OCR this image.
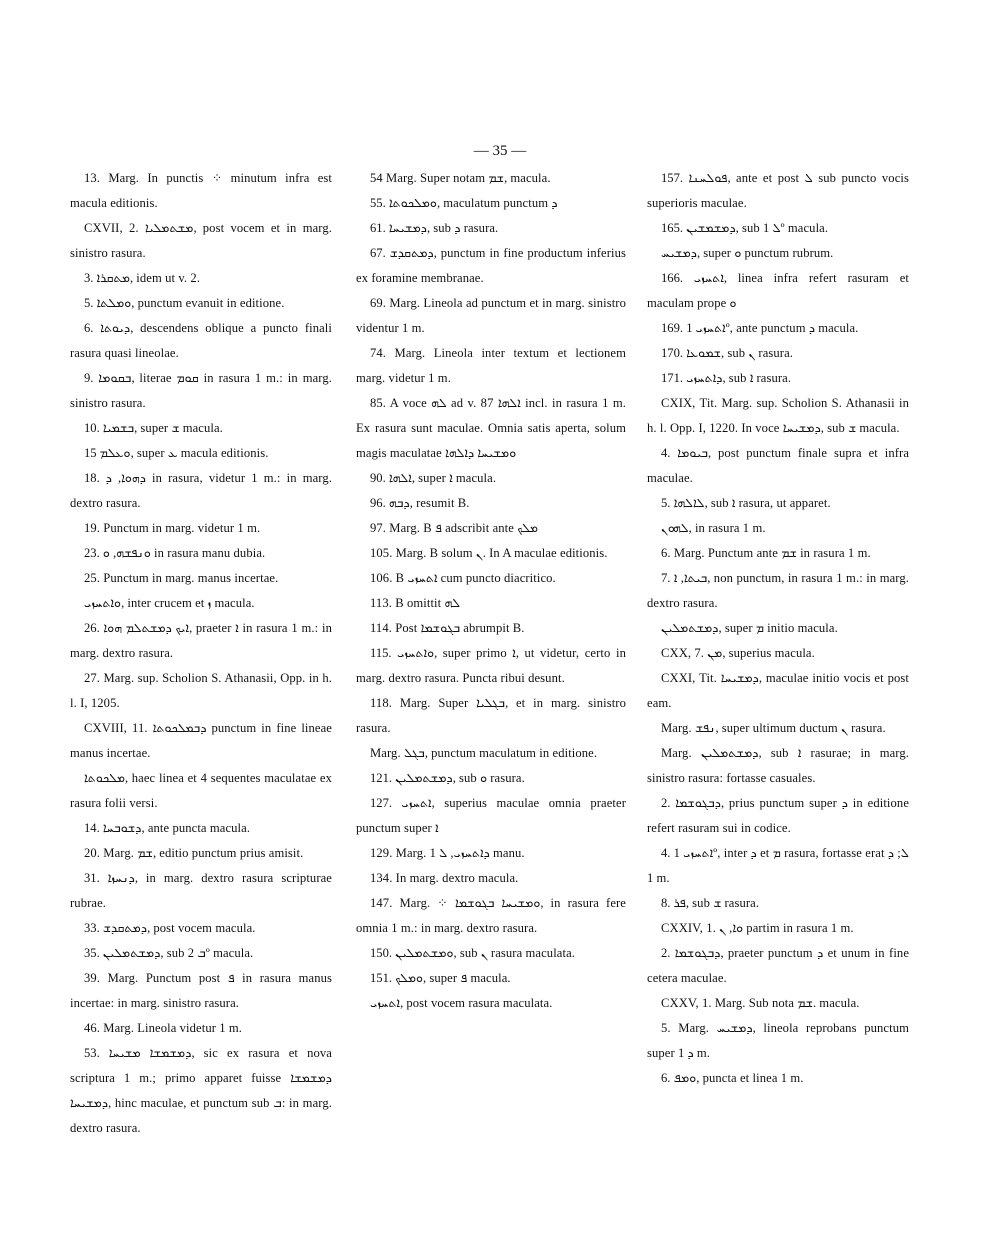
— 35 —

13. Marg. In punctis ⁘ minutum infra est macula editionis.

CXVII, 2. ܡܫܬܡܠܝܐ, post vocem et in marg. sinistro rasura.

3. ܡܬܩܪܐ, idem ut v. 2.

5. ܘܡܠܬܐ, punctum evanuit in editione.

6. ܕܝܘܬܐ, descendens oblique a puncto finali rasura quasi lineolae.

9. ܒܩܘܡܐ, literae ܩܘܡ in rasura 1 m.: in marg. sinistro rasura.

10. ܒܫܡܝܐ, super ܫ macula.

15 ܘܥܠܡ, super ܥ macula editionis.

18. ܕܗܘܐ, ܕ in rasura, videtur 1 m.: in marg. dextro rasura.

19. Punctum in marg. videtur 1 m.

23. ܘܢܦܫܗ, ܘ in rasura manu dubia.

25. Punctum in marg. manus incertae.

ܘܐܬܚܙܝ, inter crucem et ܙ macula.

26. ܐܝܟ ܕܡܫܬܠܡ ܗܘܐ, praeter ܐ in rasura 1 m.: in marg. dextro rasura.

27. Marg. sup. Scholion S. Athanasii, Opp. in h. l. I, 1205.

CXVIII, 11. ܕܒܡܠܟܘܬܐ punctum in fine lineae manus incertae.

ܡܠܟܘܬܐ, haec linea et 4 sequentes maculatae ex rasura folii versi.

14. ܕܫܘܒܚܐ, ante puncta macula.

20. Marg. ܫܡ, editio punctum prius amisit.

31. ܕܢܚܙܐ, in marg. dextro rasura scripturae rubrae.

33. ܕܡܬܩܕܫ, post vocem macula.

35. ܕܡܫܬܡܠܝܢ, sub ܒ 2º macula.

39. Marg. Punctum post ܦ in rasura manus incertae: in marg. sinistro rasura.

46. Marg. Lineola videtur 1 m.

53. ܕܡܫܡܫܐ ܡܫܝܚܐ, sic ex rasura et nova scriptura 1 m.; primo apparet fuisse ܕܡܫܡܫܐ ܕܡܫܝܚܐ, hinc maculae, et punctum sub ܒ: in marg. dextro rasura.

54 Marg. Super notam ܫܡ, macula.

55. ܘܡܠܟܘܬܐ, maculatum punctum ܕ

61. ܕܡܫܝܚܐ, sub ܕ rasura.

67. ܕܡܬܩܕܫ, punctum in fine productum inferius ex foramine membranae.

69. Marg. Lineola ad punctum et in marg. sinistro videntur 1 m.

74. Marg. Lineola inter textum et lectionem marg. videtur 1 m.

85. A voce ܠܗ ad v. 87 ܐܠܗܐ incl. in rasura 1 m. Ex rasura sunt maculae. Omnia satis aperta, solum magis maculatae ܘܡܫܝܚܐ ܕܐܠܗܐ

90. ܐܠܗܐ, super ܐ macula.

96. ܕܒܗ, resumit B.

97. Marg. B ܦ adscribit ante ܡܠܟ

105. Marg. B solum ܢ. In A maculae editionis.

106. B ܐܬܚܙܝ cum puncto diacritico.

113. B omittit ܠܗ

114. Post ܒܓܘܫܡܐ abrumpit B.

115. ܘܐܬܚܙܝ, super primo ܐ, ut videtur, certo in marg. dextro rasura. Puncta ribui desunt.

118. Marg. Super ܒܓܠܝܐ, et in marg. sinistro rasura.

Marg. ܒܓܠ, punctum maculatum in editione.

121. ܕܡܫܬܡܠܝܢ, sub ܘ rasura.

127. ܐܬܚܙܝ, superius maculae omnia praeter punctum super ܐ

129. Marg. ܕܐܬܚܙܝ, ܠ 1 manu.

134. In marg. dextro macula.

147. Marg. ⁘ ܘܡܫܝܚܐ ܒܓܘܫܡܐ, in rasura fere omnia 1 m.: in marg. dextro rasura.

150. ܘܡܫܬܡܠܝܢ, sub ܢ rasura maculata.

151. ܘܡܠܟ, super ܦ macula.

ܐܬܚܙܝ, post vocem rasura maculata.

157. ܦܘܠܚܢܐ, ante et post ܠ sub puncto vocis superioris maculae.

165. ܕܡܫܡܫܝܢ, sub ܠ 1º macula.

ܕܡܫܝܚ, super ܘ punctum rubrum.

166. ܐܬܚܙܝ, linea infra refert rasuram et maculam prope ܘ

169. ܐܬܚܙܝ 1º, ante punctum ܕ macula.

170. ܫܡܘܥܐ, sub ܢ rasura.

171. ܕܐܬܚܙܝ, sub ܐ rasura.

CXIX, Tit. Marg. sup. Scholion S. Athanasii in h. l. Opp. I, 1220. In voce ܕܡܫܝܚܐ, sub ܫ macula.

4. ܒܝܘܡܐ, post punctum finale supra et infra maculae.

5. ܠܐܠܗܐ, sub ܐ rasura, ut apparet.

ܠܗܘܢ, in rasura 1 m.

6. Marg. Punctum ante ܫܡ in rasura 1 m.

7. ܒܝܬܐ, ܐ, non punctum, in rasura 1 m.: in marg. dextro rasura.

ܕܡܫܬܡܠܝܢ, super ܡ initio macula.

CXX, 7. ܡܢ, superius macula.

CXXI, Tit. ܕܡܫܝܚܐ, maculae initio vocis et post eam.

Marg. ܢܦܫ, super ultimum ductum ܢ rasura.

Marg. ܕܡܫܬܡܠܝܢ, sub ܐ rasurae; in marg. sinistro rasura: fortasse casuales.

2. ܕܒܓܘܫܡܐ, prius punctum super ܕ in editione refert rasuram sui in codice.

4. ܐܬܚܙܝ 1º, inter ܕ et ܡ rasura, fortasse erat ܠ; ܕ 1 m.

8. ܦܪ, sub ܫ rasura.

CXXIV, 1. ܘܐ, ܢ partim in rasura 1 m.

2. ܕܒܓܘܫܡܐ, praeter punctum ܕ et unum in fine cetera maculae.

CXXV, 1. Marg. Sub nota ܫܡ. macula.

5. Marg. ܕܡܫܝܚ, lineola reprobans punctum super ܕ 1 m.

6. ܘܡܦ, puncta et linea 1 m.
